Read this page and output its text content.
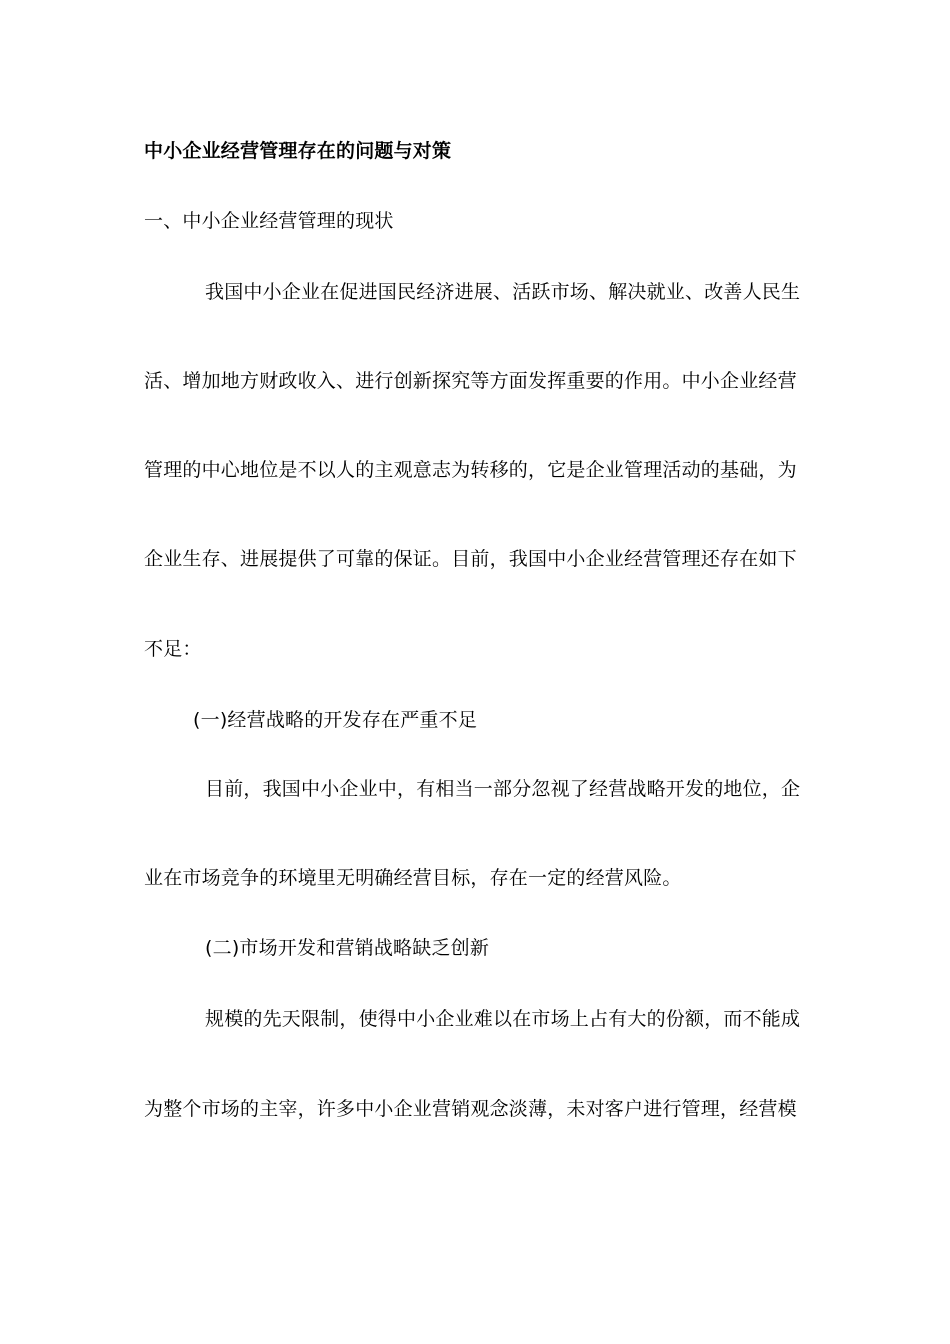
中小企业经营管理存在的问题与对策
一、中小企业经营管理的现状
我国中小企业在促进国民经济进展、活跃市场、解决就业、改善人民生
活、增加地方财政收入、进行创新探究等方面发挥重要的作用。中小企业经营
管理的中心地位是不以人的主观意志为转移的，它是企业管理活动的基础，为
企业生存、进展提供了可靠的保证。目前，我国中小企业经营管理还存在如下
不足：
(一)经营战略的开发存在严重不足
目前，我国中小企业中，有相当一部分忽视了经营战略开发的地位，企
业在市场竞争的环境里无明确经营目标，存在一定的经营风险。
(二)市场开发和营销战略缺乏创新
规模的先天限制，使得中小企业难以在市场上占有大的份额，而不能成
为整个市场的主宰，许多中小企业营销观念淡薄，未对客户进行管理，经营模
